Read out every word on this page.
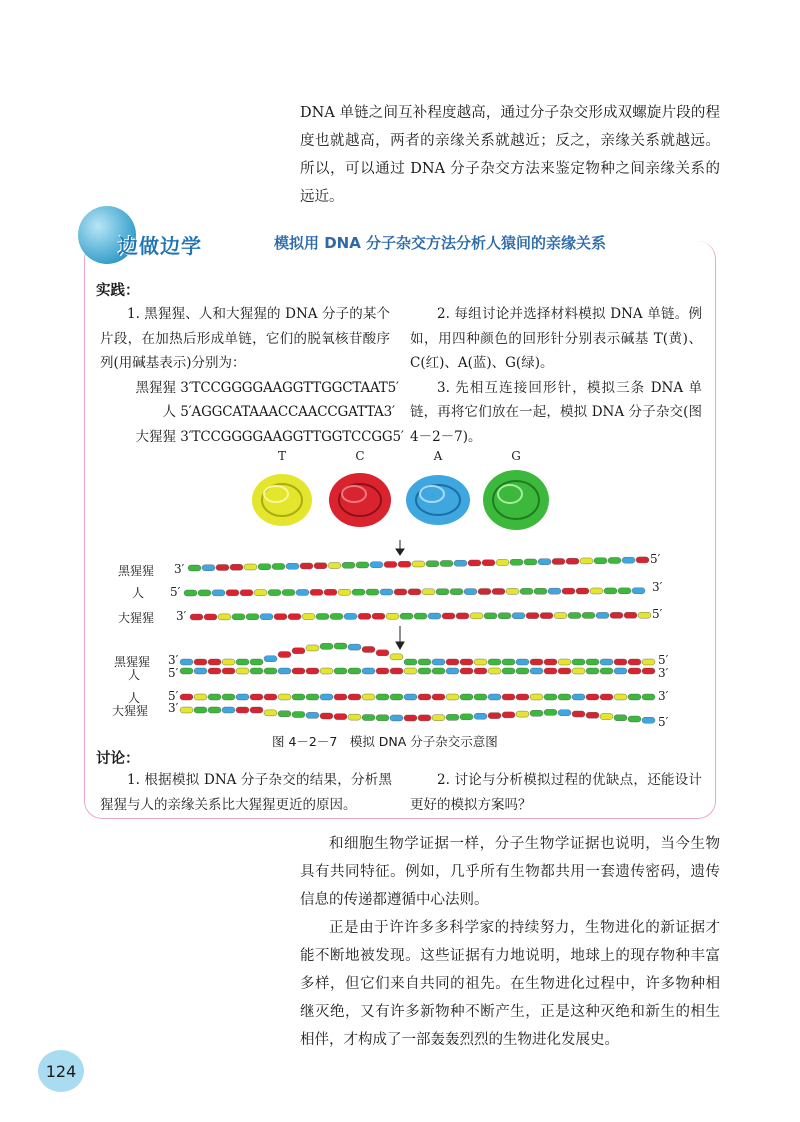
DNA 单链之间互补程度越高，通过分子杂交形成双螺旋片段的程度也就越高，两者的亲缘关系就越近；反之，亲缘关系就越远。所以，可以通过 DNA 分子杂交方法来鉴定物种之间亲缘关系的远近。

边做边学	模拟用 DNA 分子杂交方法分析人猿间的亲缘关系
实践：

1. 黑猩猩、人和大猩猩的 DNA 分子的某个片段，在加热后形成单链，它们的脱氧核苷酸序列(用碱基表示)分别为：

黑猩猩 3′TCCGGGGAAGGTTGGCTAAT5′
人 5′AGGCATAAACCAACCGATTA3′
大猩猩 3′TCCGGGGAAGGTTGGTCCGG5′

2. 每组讨论并选择材料模拟 DNA 单链。例如，用四种颜色的回形针分别表示碱基 T(黄)、C(红)、A(蓝)、G(绿)。

3. 先相互连接回形针，模拟三条 DNA 单链，再将它们放在一起，模拟 DNA 分子杂交(图 4－2－7)。

T	C	A	G
黑猩猩
人
大猩猩
3′
5′
5′	3′
3′	5′
黑猩猩
人
3′
5′
5′
3′
人
大猩猩
5′
3′
3′
5′
图 4－2－7　模拟 DNA 分子杂交示意图
讨论：

1. 根据模拟 DNA 分子杂交的结果，分析黑猩猩与人的亲缘关系比大猩猩更近的原因。

2. 讨论与分析模拟过程的优缺点，还能设计更好的模拟方案吗？

和细胞生物学证据一样，分子生物学证据也说明，当今生物具有共同特征。例如，几乎所有生物都共用一套遗传密码，遗传信息的传递都遵循中心法则。

正是由于许许多多科学家的持续努力，生物进化的新证据才能不断地被发现。这些证据有力地说明，地球上的现存物种丰富多样，但它们来自共同的祖先。在生物进化过程中，许多物种相继灭绝，又有许多新物种不断产生，正是这种灭绝和新生的相生相伴，才构成了一部轰轰烈烈的生物进化发展史。

124
